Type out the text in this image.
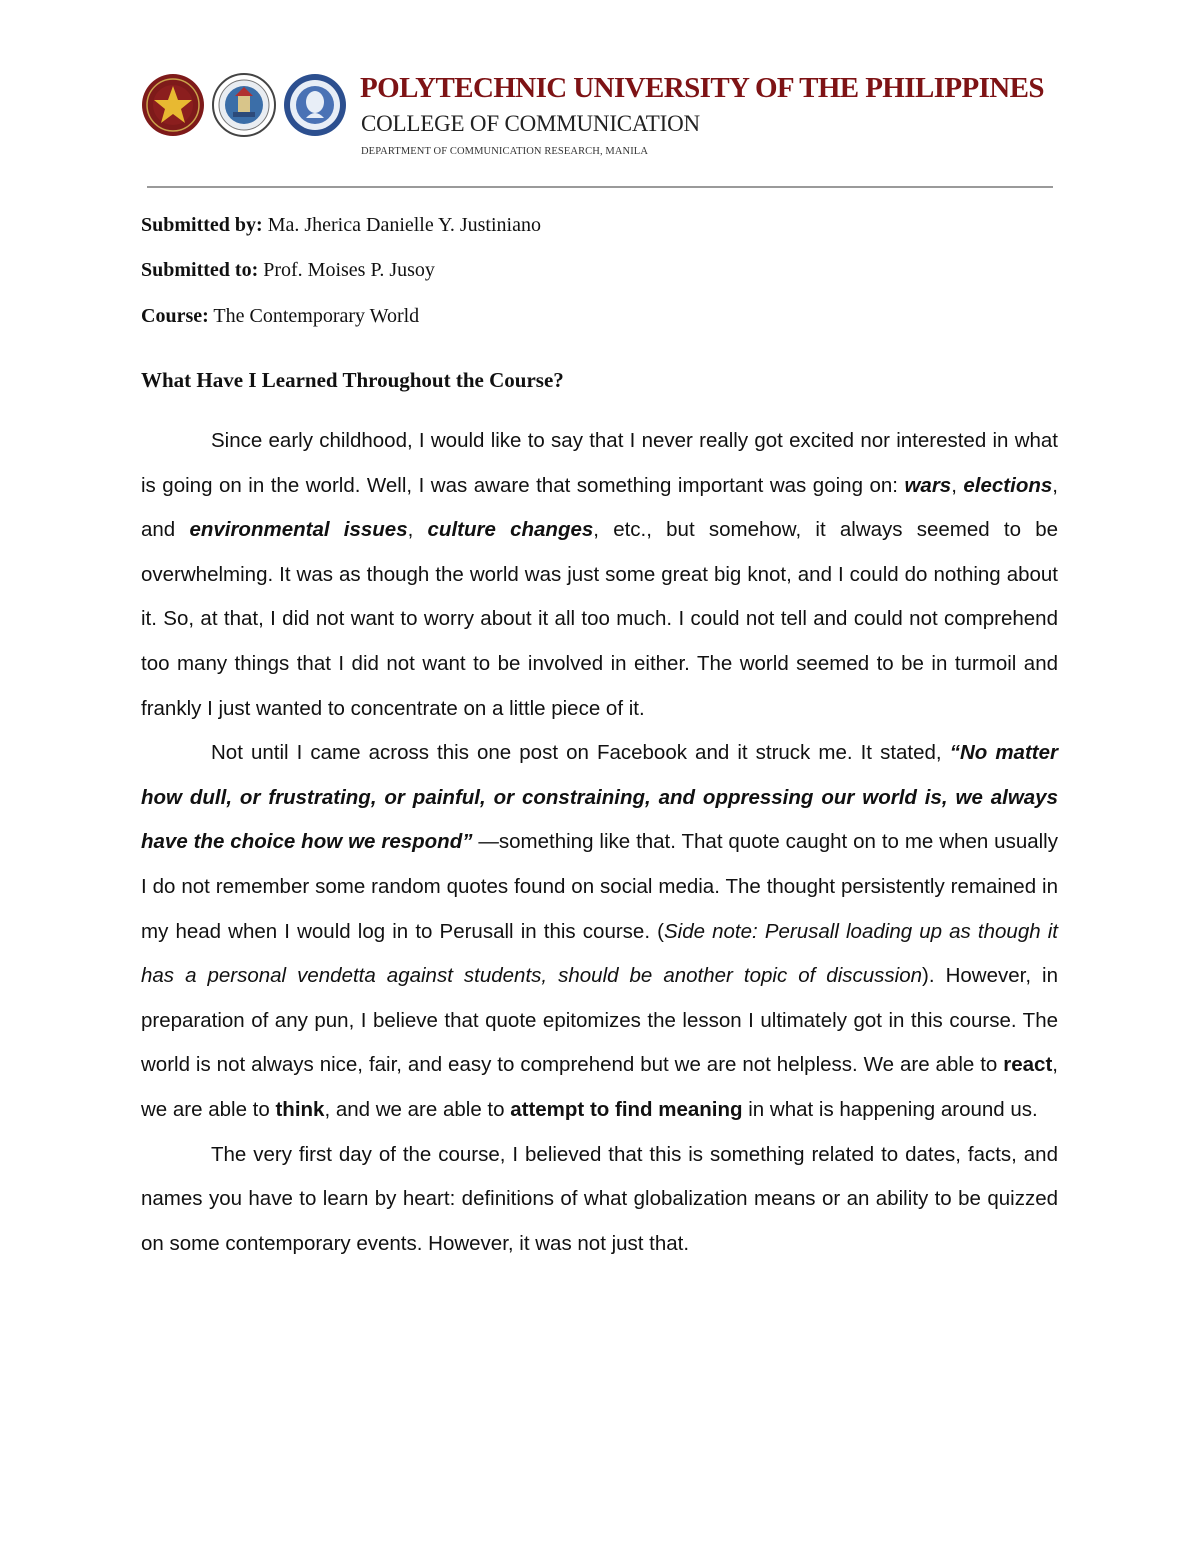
POLYTECHNIC UNIVERSITY OF THE PHILIPPINES
COLLEGE OF COMMUNICATION
DEPARTMENT OF COMMUNICATION RESEARCH, MANILA
Submitted by: Ma. Jherica Danielle Y. Justiniano
Submitted to: Prof. Moises P. Jusoy
Course: The Contemporary World
What Have I Learned Throughout the Course?

Since early childhood, I would like to say that I never really got excited nor interested in what is going on in the world. Well, I was aware that something important was going on: wars, elections, and environmental issues, culture changes, etc., but somehow, it always seemed to be overwhelming. It was as though the world was just some great big knot, and I could do nothing about it. So, at that, I did not want to worry about it all too much. I could not tell and could not comprehend too many things that I did not want to be involved in either. The world seemed to be in turmoil and frankly I just wanted to concentrate on a little piece of it.

Not until I came across this one post on Facebook and it struck me. It stated, “No matter how dull, or frustrating, or painful, or constraining, and oppressing our world is, we always have the choice how we respond” —something like that. That quote caught on to me when usually I do not remember some random quotes found on social media. The thought persistently remained in my head when I would log in to Perusall in this course. (Side note: Perusall loading up as though it has a personal vendetta against students, should be another topic of discussion). However, in preparation of any pun, I believe that quote epitomizes the lesson I ultimately got in this course. The world is not always nice, fair, and easy to comprehend but we are not helpless. We are able to react, we are able to think, and we are able to attempt to find meaning in what is happening around us.

The very first day of the course, I believed that this is something related to dates, facts, and names you have to learn by heart: definitions of what globalization means or an ability to be quizzed on some contemporary events. However, it was not just that.
